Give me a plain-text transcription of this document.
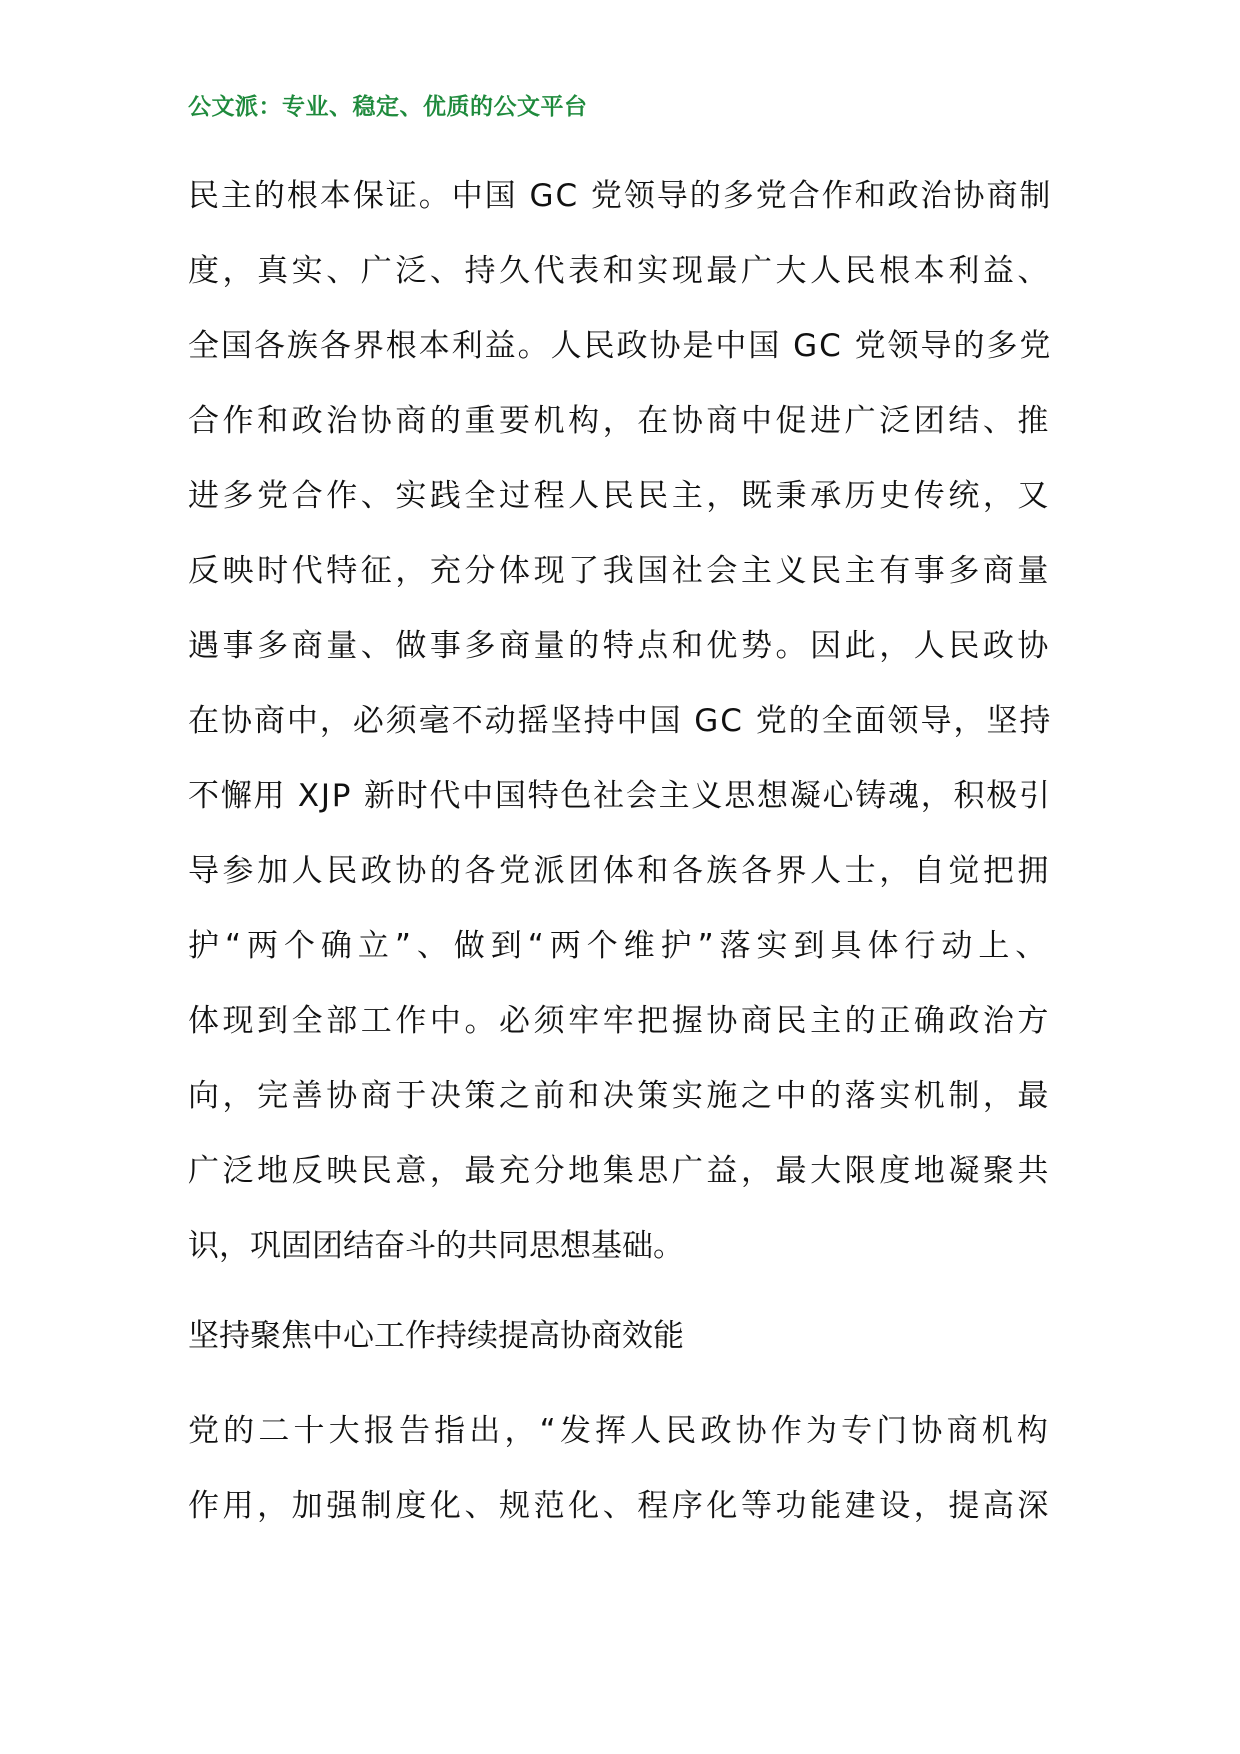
公文派：专业、稳定、优质的公文平台
民主的根本保证。中国 GC 党领导的多党合作和政治协商制
度，真实、广泛、持久代表和实现最广大人民根本利益、
全国各族各界根本利益。人民政协是中国 GC 党领导的多党
合作和政治协商的重要机构，在协商中促进广泛团结、推
进多党合作、实践全过程人民民主，既秉承历史传统，又
反映时代特征，充分体现了我国社会主义民主有事多商量
遇事多商量、做事多商量的特点和优势。因此，人民政协
在协商中，必须毫不动摇坚持中国 GC 党的全面领导，坚持
不懈用 XJP 新时代中国特色社会主义思想凝心铸魂，积极引
导参加人民政协的各党派团体和各族各界人士，自觉把拥
护“两个确立”、做到“两个维护”落实到具体行动上、
体现到全部工作中。必须牢牢把握协商民主的正确政治方
向，完善协商于决策之前和决策实施之中的落实机制，最
广泛地反映民意，最充分地集思广益，最大限度地凝聚共
识，巩固团结奋斗的共同思想基础。
坚持聚焦中心工作持续提高协商效能
党的二十大报告指出，“发挥人民政协作为专门协商机构
作用，加强制度化、规范化、程序化等功能建设，提高深
